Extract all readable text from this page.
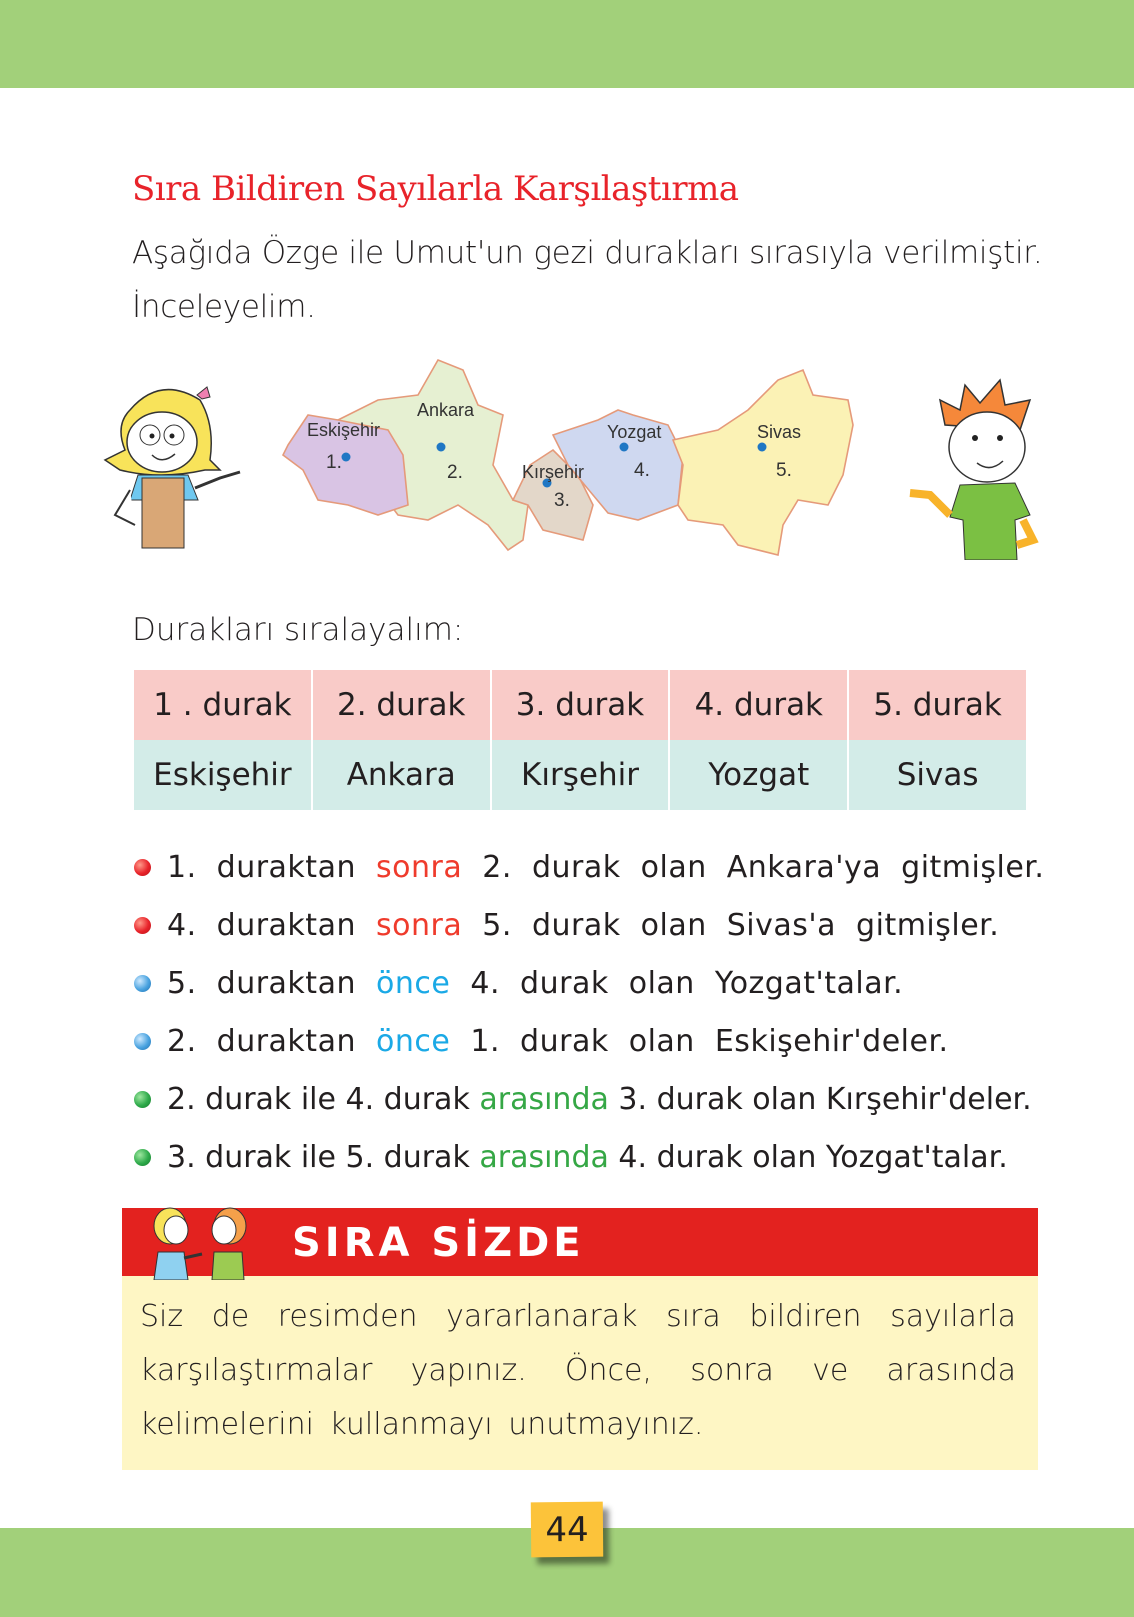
Sıra Bildiren Sayılarla Karşılaştırma
Aşağıda Özge ile Umut'un gezi durakları sırasıyla verilmiştir. İnceleyelim.
Eskişehir
1.
Ankara
2.	Kırşehir
3.
Yozgat
4.
Sivas
5.
Durakları sıralayalım:
1 . durak	2. durak	3. durak	4. durak	5. durak
Eskişehir	Ankara	Kırşehir	Yozgat	Sivas
1. duraktan
sonra
2. durak olan Ankara'ya gitmişler.
4. duraktan
sonra
5. durak olan Sivas'a gitmişler.
5. duraktan
önce
4. durak olan Yozgat'talar.
2. duraktan
önce
1. durak olan Eskişehir'deler.
2. durak ile 4. durak
arasında
3. durak olan Kırşehir'deler.
3. durak ile 5. durak
arasında
4. durak olan Yozgat'talar.
SIRA SİZDE
Siz de resimden yararlanarak sıra bildiren sayılarla karşılaştırmalar yapınız. Önce, sonra ve arasında kelimelerini kullanmayı unutmayınız.
44
